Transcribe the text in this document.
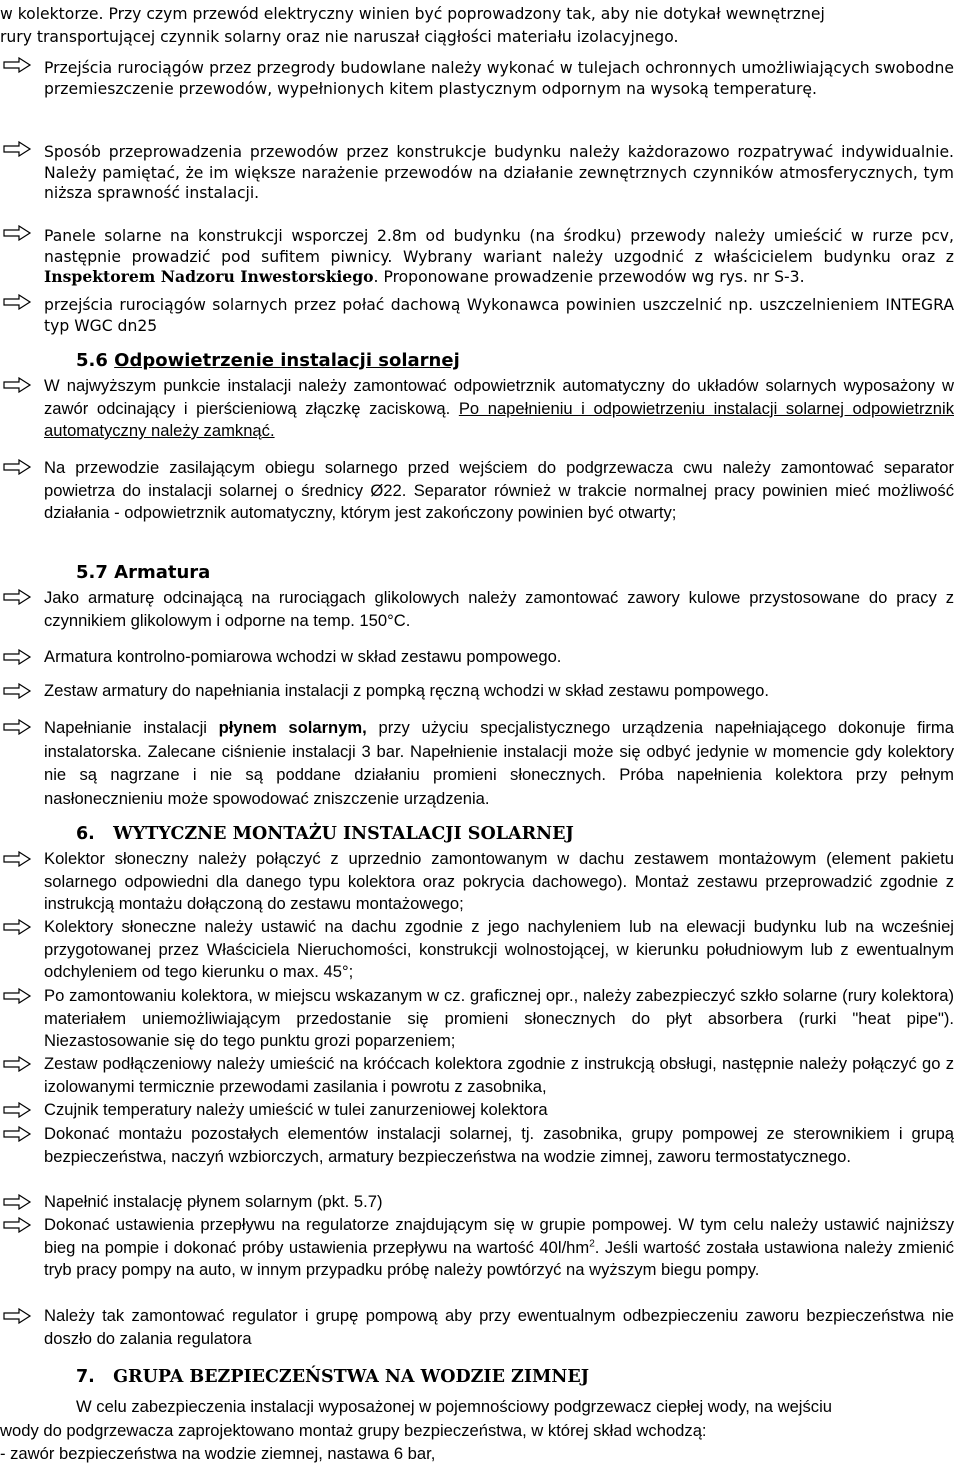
w kolektorze. Przy czym przewód elektryczny winien być poprowadzony tak, aby nie dotykał wewnętrznej
rury transportującej czynnik solarny oraz nie naruszał ciągłości materiału izolacyjnego.
Przejścia rurociągów przez przegrody budowlane należy wykonać w tulejach ochronnych umożliwiających swobodne przemieszczenie przewodów, wypełnionych kitem plastycznym odpornym na wysoką temperaturę.
Sposób przeprowadzenia przewodów przez konstrukcje budynku należy każdorazowo rozpatrywać indywidualnie. Należy pamiętać, że im większe narażenie przewodów na działanie zewnętrznych czynników atmosferycznych, tym niższa sprawność instalacji.
Panele solarne na konstrukcji wsporczej 2.8m od budynku (na środku) przewody należy umieścić w rurze pcv, następnie prowadzić pod sufitem piwnicy. Wybrany wariant należy uzgodnić z właścicielem budynku oraz z Inspektorem Nadzoru Inwestorskiego. Proponowane prowadzenie przewodów wg rys. nr S-3.
przejścia rurociągów solarnych przez połać dachową Wykonawca powinien uszczelnić np. uszczelnieniem INTEGRA typ WGC dn25
5.6 Odpowietrzenie instalacji solarnej
W najwyższym punkcie instalacji należy zamontować odpowietrznik automatyczny do układów solarnych wyposażony w zawór odcinający i pierścieniową złączkę zaciskową. Po napełnieniu i odpowietrzeniu instalacji solarnej odpowietrznik automatyczny należy zamknąć.
Na przewodzie zasilającym obiegu solarnego przed wejściem do podgrzewacza cwu należy zamontować separator powietrza do instalacji solarnej o średnicy Ø22. Separator również w trakcie normalnej pracy powinien mieć możliwość działania - odpowietrznik automatyczny, którym jest zakończony powinien być otwarty;
5.7 Armatura
Jako armaturę odcinającą na rurociągach glikolowych należy zamontować zawory kulowe przystosowane do pracy z czynnikiem glikolowym i odporne na temp. 150°C.
Armatura kontrolno-pomiarowa wchodzi w skład zestawu pompowego.
Zestaw armatury do napełniania instalacji z pompką ręczną wchodzi w skład zestawu pompowego.
Napełnianie instalacji płynem solarnym, przy użyciu specjalistycznego urządzenia napełniającego dokonuje firma instalatorska. Zalecane ciśnienie instalacji 3 bar. Napełnienie instalacji może się odbyć jedynie w momencie gdy kolektory nie są nagrzane i nie są poddane działaniu promieni słonecznych. Próba napełnienia kolektora przy pełnym nasłonecznieniu może spowodować zniszczenie urządzenia.
6. WYTYCZNE MONTAŻU INSTALACJI SOLARNEJ
Kolektor słoneczny należy połączyć z uprzednio zamontowanym w dachu zestawem montażowym (element pakietu solarnego odpowiedni dla danego typu kolektora oraz pokrycia dachowego). Montaż zestawu przeprowadzić zgodnie z instrukcją montażu dołączoną do zestawu montażowego;
Kolektory słoneczne należy ustawić na dachu zgodnie z jego nachyleniem lub na elewacji budynku lub na wcześniej przygotowanej przez Właściciela Nieruchomości, konstrukcji wolnostojącej, w kierunku południowym lub z ewentualnym odchyleniem od tego kierunku o max. 45°;
Po zamontowaniu kolektora, w miejscu wskazanym w cz. graficznej opr., należy zabezpieczyć szkło solarne (rury kolektora) materiałem uniemożliwiającym przedostanie się promieni słonecznych do płyt absorbera (rurki "heat pipe"). Niezastosowanie się do tego punktu grozi poparzeniem;
Zestaw podłączeniowy należy umieścić na króćcach kolektora zgodnie z instrukcją obsługi, następnie należy połączyć go z izolowanymi termicznie przewodami zasilania i powrotu z zasobnika,
Czujnik temperatury należy umieścić w tulei zanurzeniowej kolektora
Dokonać montażu pozostałych elementów instalacji solarnej, tj. zasobnika, grupy pompowej ze sterownikiem i grupą bezpieczeństwa, naczyń wzbiorczych, armatury bezpieczeństwa na wodzie zimnej, zaworu termostatycznego.
Napełnić instalację płynem solarnym (pkt. 5.7)
Dokonać ustawienia przepływu na regulatorze znajdującym się w grupie pompowej. W tym celu należy ustawić najniższy bieg na pompie i dokonać próby ustawienia przepływu na wartość $40l/hm^2$. Jeśli wartość została ustawiona należy zmienić tryb pracy pompy na auto, w innym przypadku próbę należy powtórzyć na wyższym biegu pompy.
Należy tak zamontować regulator i grupę pompową aby przy ewentualnym odbezpieczeniu zaworu bezpieczeństwa nie doszło do zalania regulatora
7. GRUPA BEZPIECZEŃSTWA NA WODZIE ZIMNEJ
W celu zabezpieczenia instalacji wyposażonej w pojemnościowy podgrzewacz ciepłej wody, na wejściu
wody do podgrzewacza zaprojektowano montaż grupy bezpieczeństwa, w której skład wchodzą:
- zawór bezpieczeństwa na wodzie ziemnej, nastawa 6 bar,
